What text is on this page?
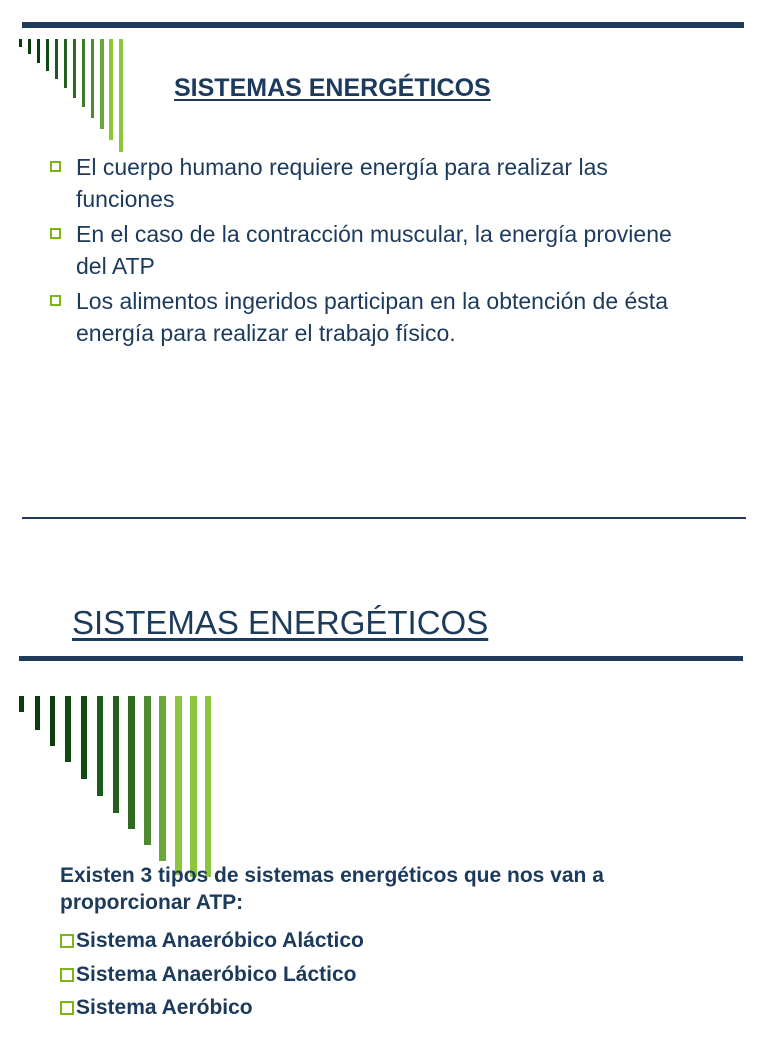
SISTEMAS ENERGÉTICOS
El cuerpo humano requiere energía para realizar las funciones
En el caso de la contracción muscular, la energía proviene del ATP
Los alimentos ingeridos participan en la obtención de ésta energía para realizar el trabajo físico.
SISTEMAS ENERGÉTICOS
Existen 3 tipos de sistemas energéticos que nos van a proporcionar ATP:
Sistema Anaeróbico Aláctico
Sistema Anaeróbico Láctico
Sistema Aeróbico
